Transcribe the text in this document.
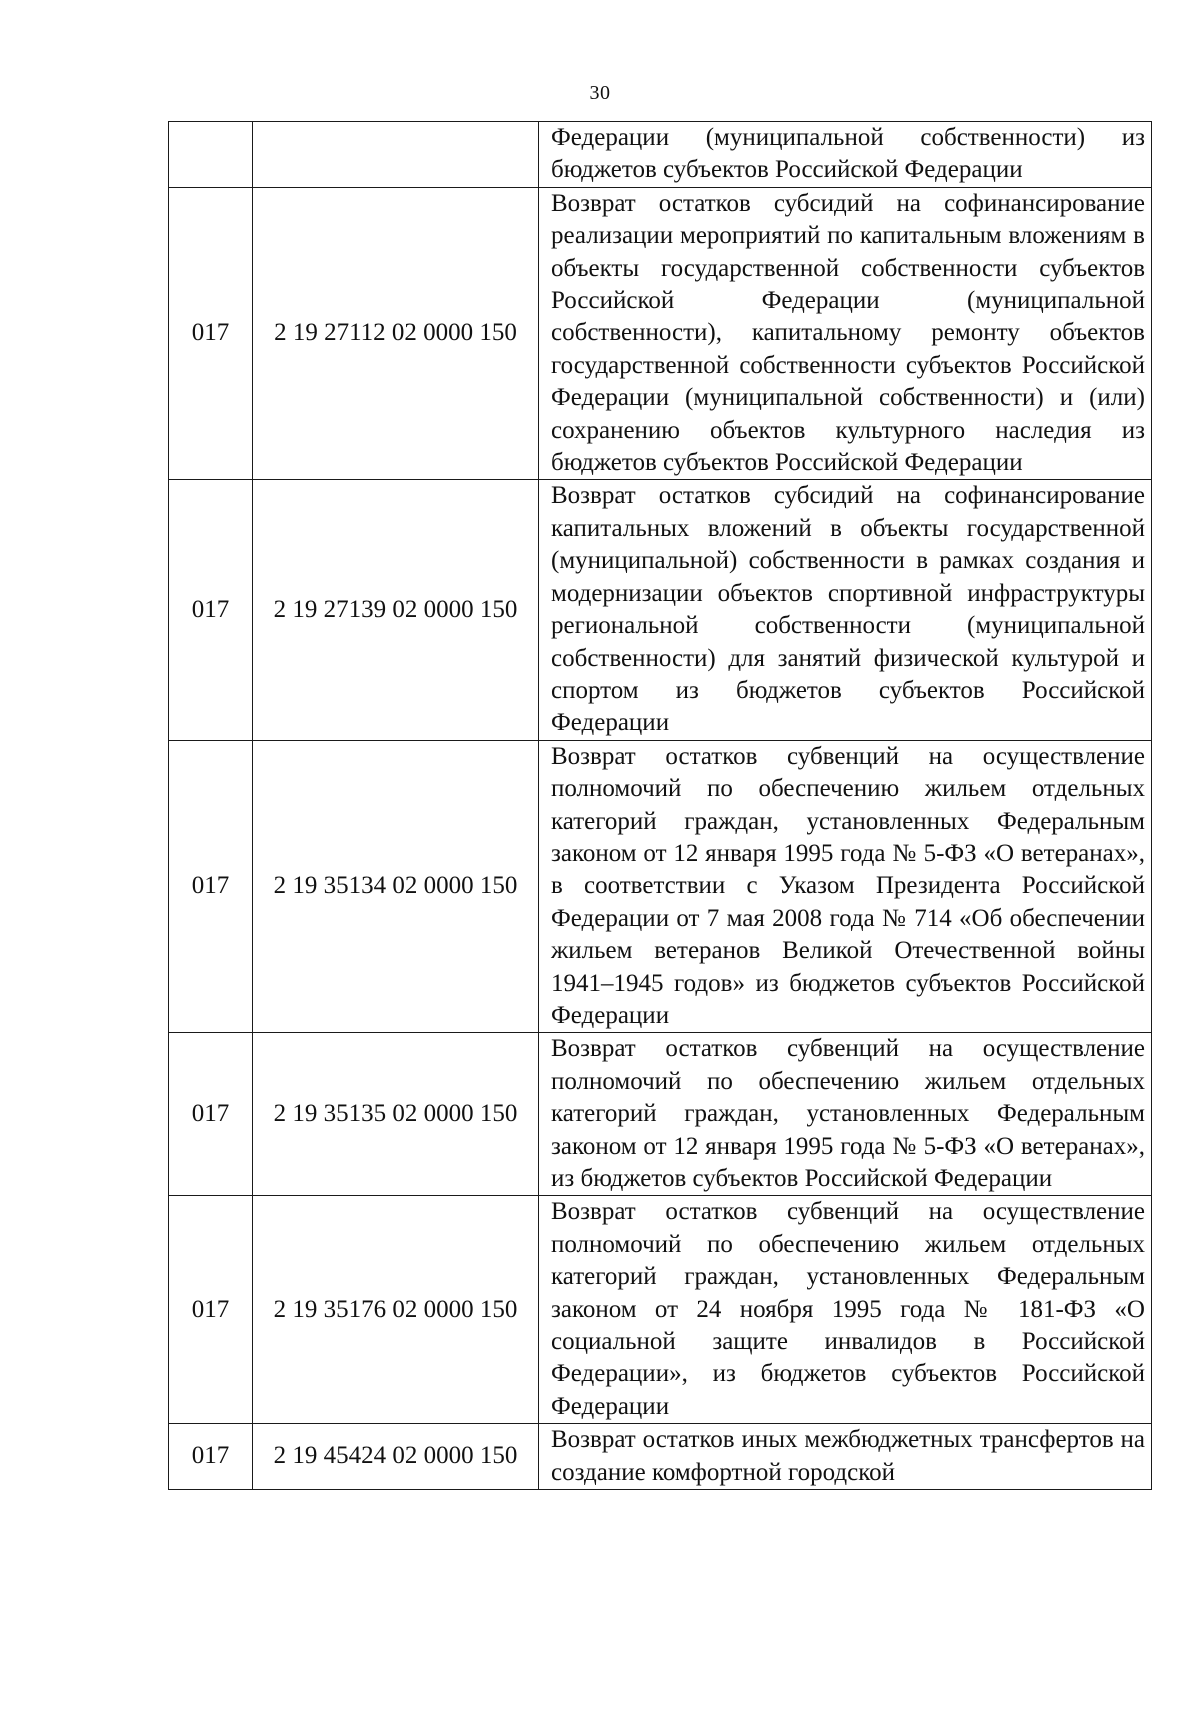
30
		Федерации (муниципальной собственности) из бюджетов субъектов Российской Федерации
017	2 19 27112 02 0000 150	Возврат остатков субсидий на софинансирование реализации мероприятий по капитальным вложениям в объекты государственной собственности субъектов Российской Федерации (муниципальной собственности), капитальному ремонту объектов государственной собственности субъектов Российской Федерации (муниципальной собственности) и (или) сохранению объектов культурного наследия из бюджетов субъектов Российской Федерации
017	2 19 27139 02 0000 150	Возврат остатков субсидий на софинансирование капитальных вложений в объекты государственной (муниципальной) собственности в рамках создания и модернизации объектов спортивной инфраструктуры региональной собственности (муниципальной собственности) для занятий физической культурой и спортом из бюджетов субъектов Российской Федерации
017	2 19 35134 02 0000 150	Возврат остатков субвенций на осуществление полномочий по обеспечению жильем отдельных категорий граждан, установленных Федеральным законом от 12 января 1995 года № 5-ФЗ «О ветеранах», в соответствии с Указом Президента Российской Федерации от 7 мая 2008 года № 714 «Об обеспечении жильем ветеранов Великой Отечественной войны 1941–1945 годов» из бюджетов субъектов Российской Федерации
017	2 19 35135 02 0000 150	Возврат остатков субвенций на осуществление полномочий по обеспечению жильем отдельных категорий граждан, установленных Федеральным законом от 12 января 1995 года № 5-ФЗ «О ветеранах», из бюджетов субъектов Российской Федерации
017	2 19 35176 02 0000 150	Возврат остатков субвенций на осуществление полномочий по обеспечению жильем отдельных категорий граждан, установленных Федеральным законом от 24 ноября 1995 года № 181-ФЗ «О социальной защите инвалидов в Российской Федерации», из бюджетов субъектов Российской Федерации
017	2 19 45424 02 0000 150	Возврат остатков иных межбюджетных трансфертов на создание комфортной городской
